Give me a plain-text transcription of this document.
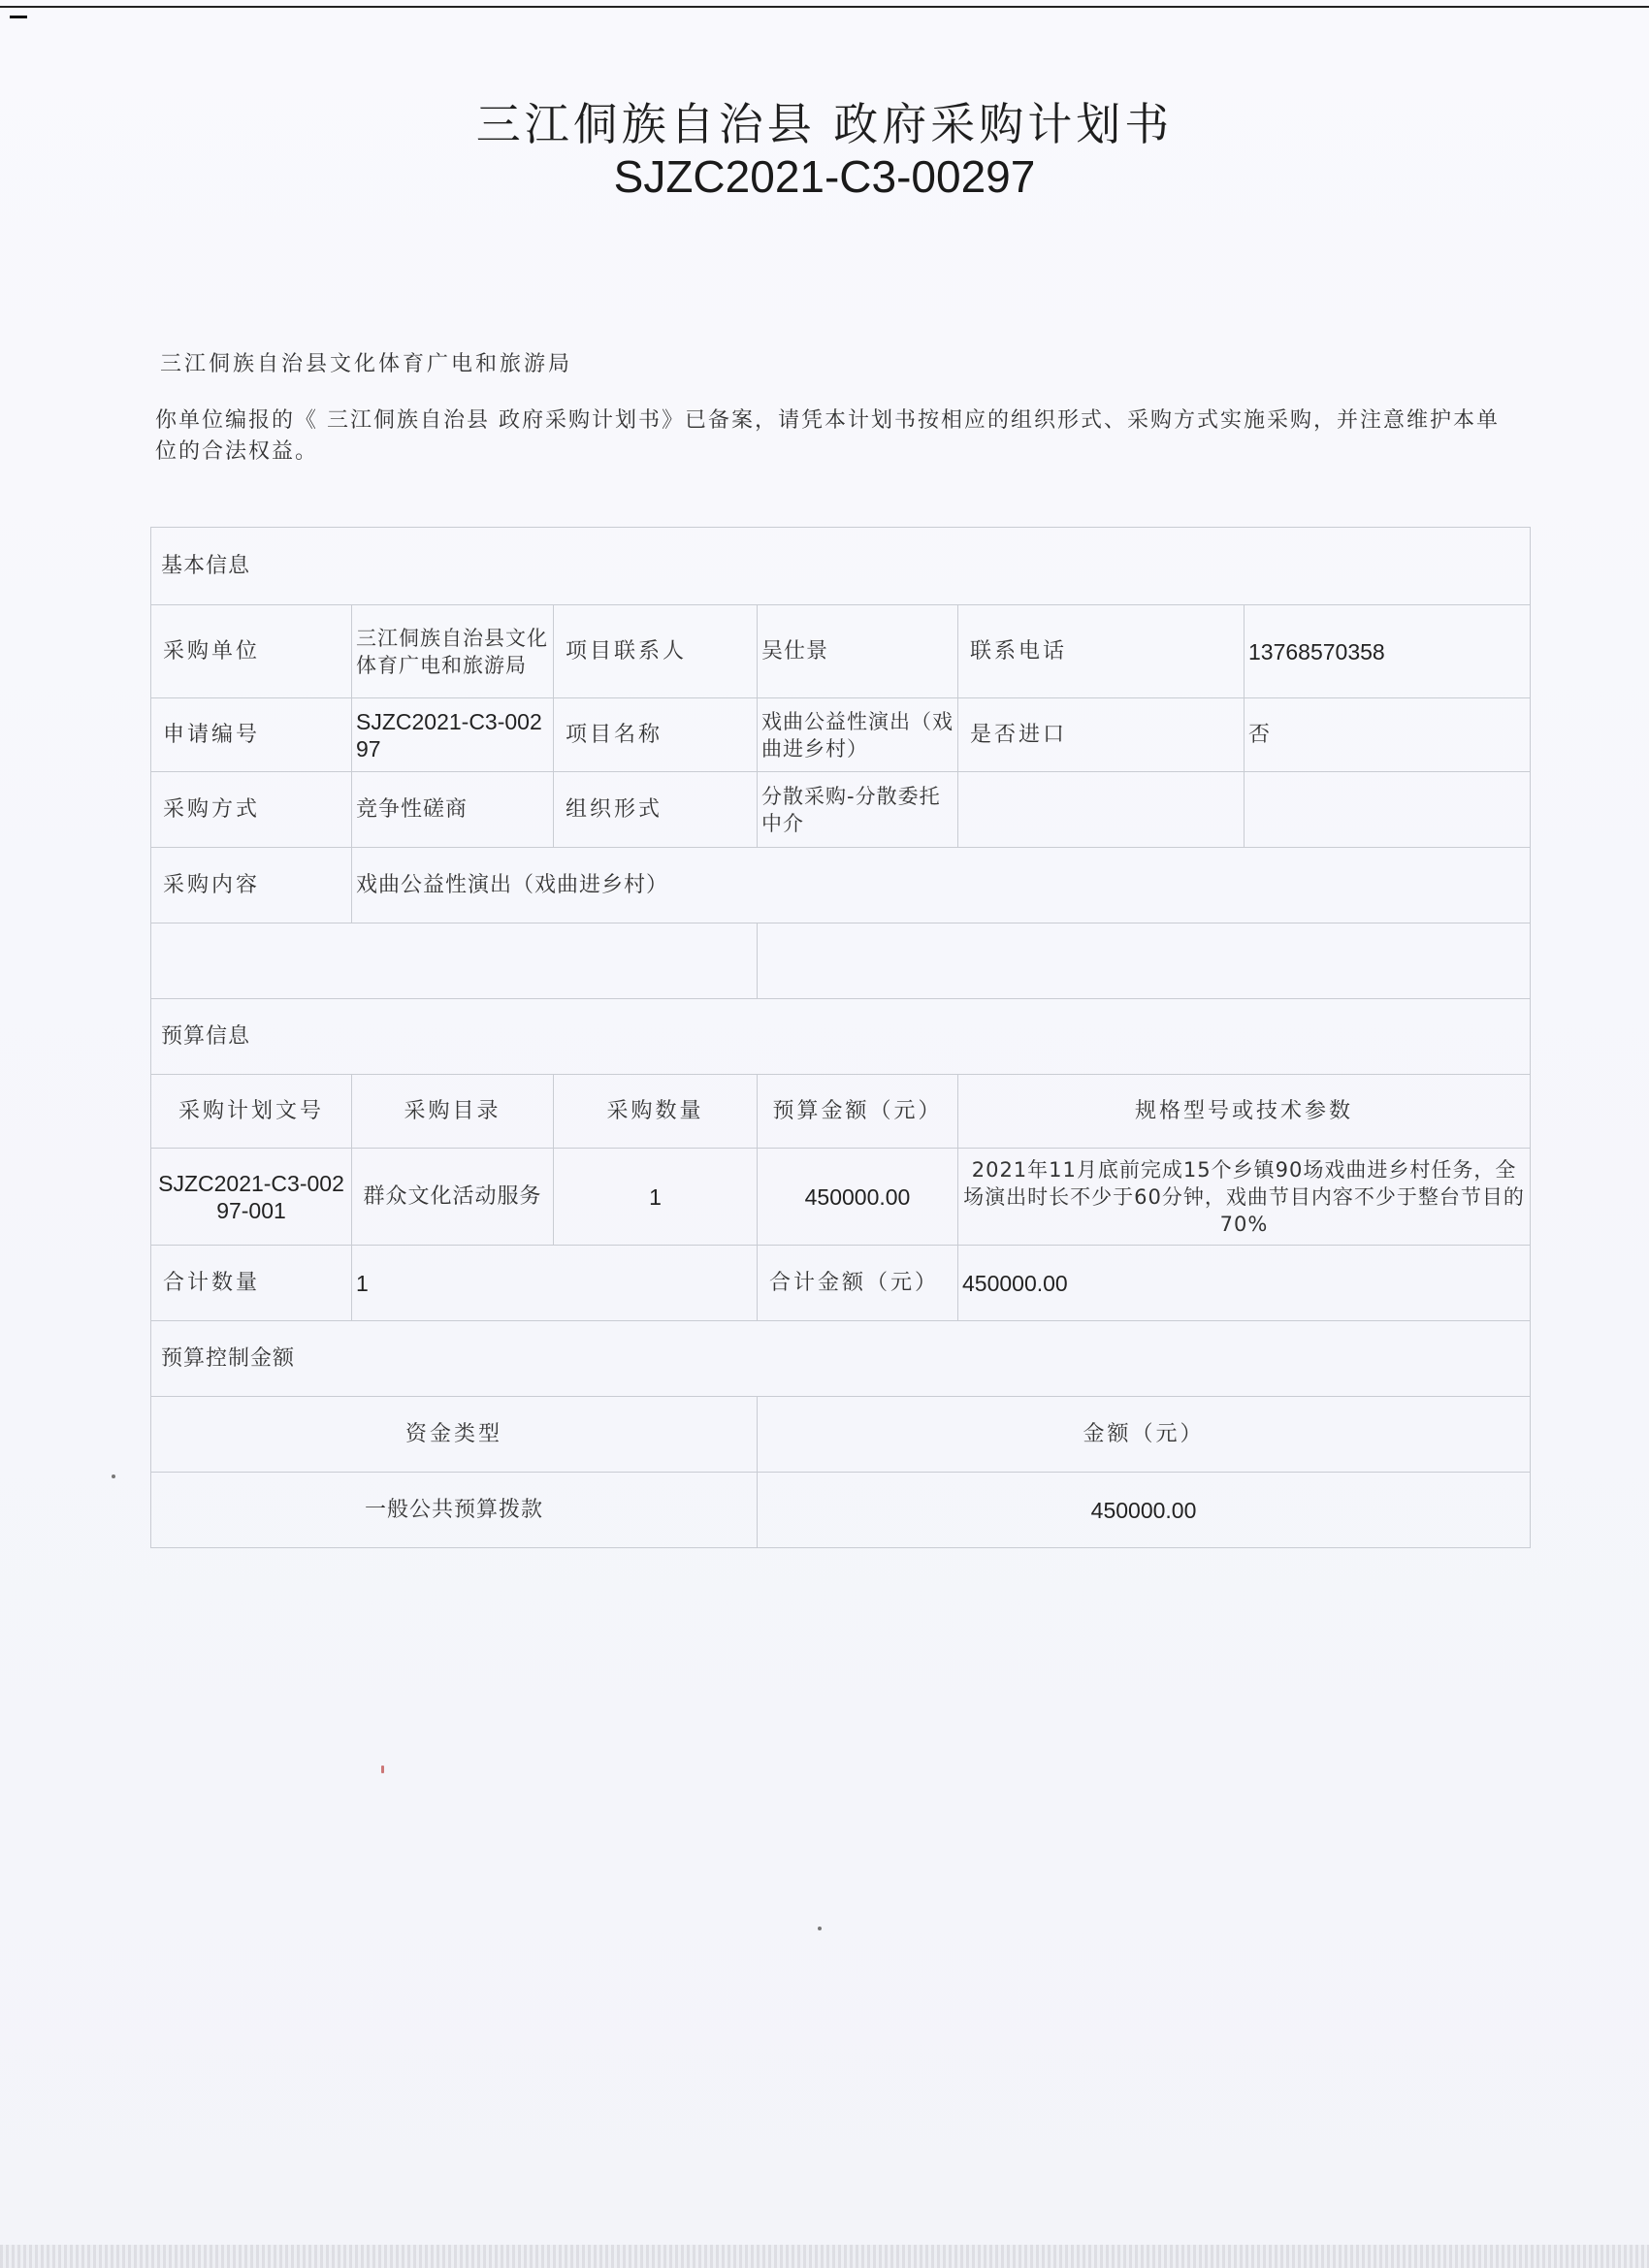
三江侗族自治县 政府采购计划书
SJZC2021-C3-00297
三江侗族自治县文化体育广电和旅游局
你单位编报的《 三江侗族自治县 政府采购计划书》已备案，请凭本计划书按相应的组织形式、采购方式实施采购，并注意维护本单位的合法权益。
基本信息					
采购单位	三江侗族自治县文化体育广电和旅游局	项目联系人	吴仕景	联系电话	13768570358
申请编号	SJZC2021-C3-00297	项目名称	戏曲公益性演出（戏曲进乡村）	是否进口	否
采购方式	竞争性磋商	组织形式	分散采购-分散委托中介		
采购内容	戏曲公益性演出（戏曲进乡村）				

预算信息					
采购计划文号	采购目录	采购数量	预算金额（元）	规格型号或技术参数	
SJZC2021-C3-00297-001	群众文化活动服务	1	450000.00	2021年11月底前完成15个乡镇90场戏曲进乡村任务，全场演出时长不少于60分钟，戏曲节目内容不少于整台节目的70%	
合计数量	1		合计金额（元）	450000.00	
预算控制金额					
资金类型			金额（元）		
一般公共预算拨款			450000.00		
